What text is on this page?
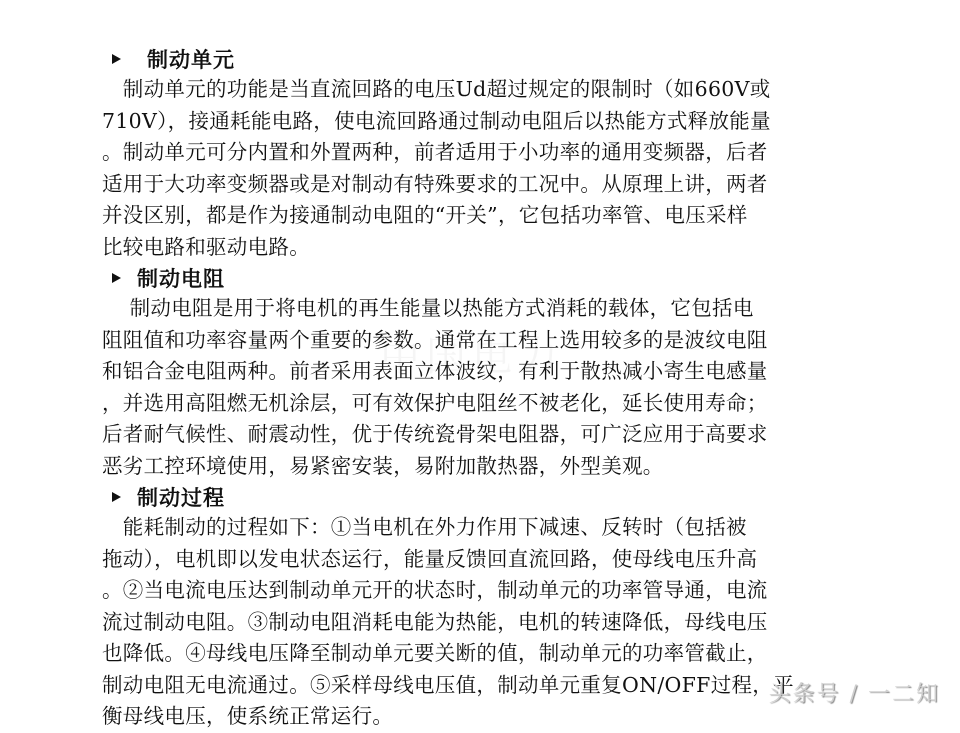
制动单元

　制动单元的功能是当直流回路的电压Ud超过规定的限制时（如660V或
710V），接通耗能电路，使电流回路通过制动电阻后以热能方式释放能量
。制动单元可分内置和外置两种，前者适用于小功率的通用变频器，后者
适用于大功率变频器或是对制动有特殊要求的工况中。从原理上讲，两者
并没区别，都是作为接通制动电阻的“开关”，它包括功率管、电压采样
比较电路和驱动电路。

制动电阻

　 制动电阻是用于将电机的再生能量以热能方式消耗的载体，它包括电
阻阻值和功率容量两个重要的参数。通常在工程上选用较多的是波纹电阻
和铝合金电阻两种。前者采用表面立体波纹，有利于散热减小寄生电感量
，并选用高阻燃无机涂层，可有效保护电阻丝不被老化，延长使用寿命；
后者耐气候性、耐震动性，优于传统瓷骨架电阻器，可广泛应用于高要求
恶劣工控环境使用，易紧密安装，易附加散热器，外型美观。

制动过程

　能耗制动的过程如下：①当电机在外力作用下减速、反转时（包括被
拖动），电机即以发电状态运行，能量反馈回直流回路，使母线电压升高
。②当电流电压达到制动单元开的状态时，制动单元的功率管导通，电流
流过制动电阻。③制动电阻消耗电能为热能，电机的转速降低，母线电压
也降低。④母线电压降至制动单元要关断的值，制动单元的功率管截止，
制动电阻无电流通过。⑤采样母线电压值，制动单元重复ON/OFF过程，平
衡母线电压，使系统正常运行。

头条号 / 一二知
